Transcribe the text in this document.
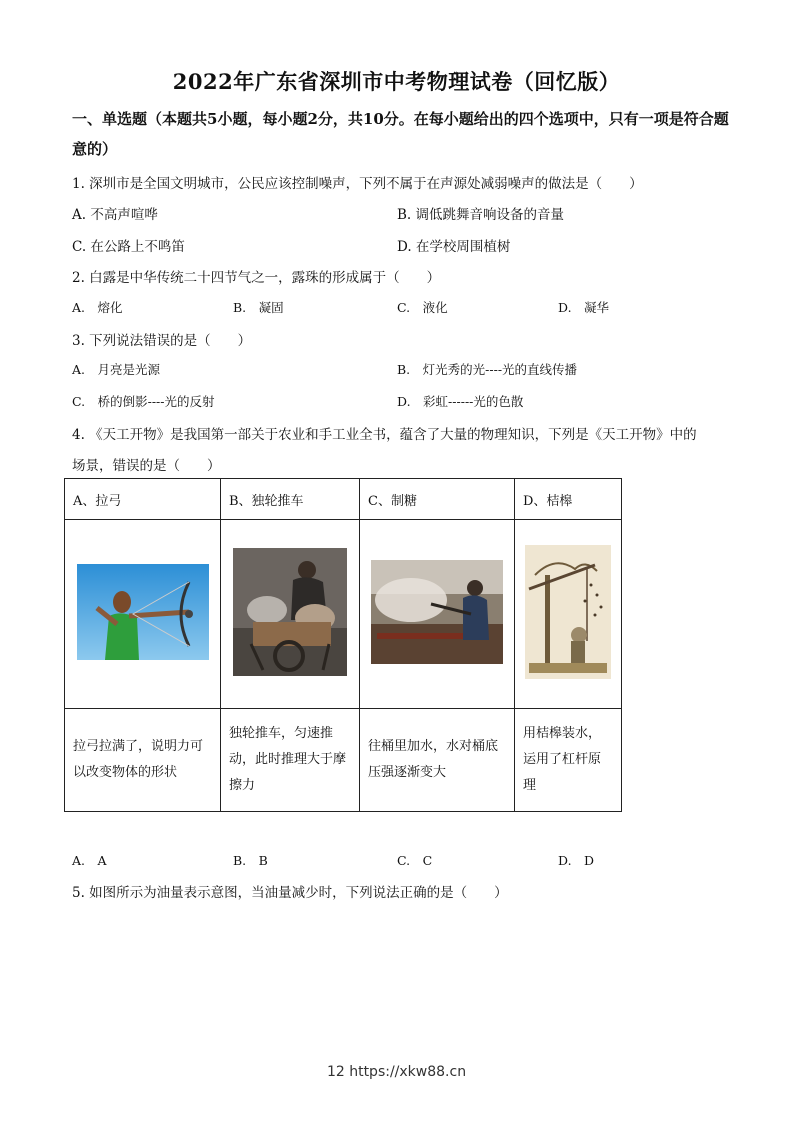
2022年广东省深圳市中考物理试卷（回忆版）
一、单选题（本题共5小题，每小题2分，共10分。在每小题给出的四个选项中，只有一项是符合题意的）
1. 深圳市是全国文明城市，公民应该控制噪声，下列不属于在声源处减弱噪声的做法是（　　）
A. 不高声喧哗	B. 调低跳舞音响设备的音量
C. 在公路上不鸣笛	D. 在学校周围植树
2. 白露是中华传统二十四节气之一，露珠的形成属于（　　）
A.　熔化	B.　凝固	C.　液化	D.　凝华
3. 下列说法错误的是（　　）
A.　月亮是光源	B.　灯光秀的光----光的直线传播
C.　桥的倒影----光的反射	D.　彩虹------光的色散
4. 《天工开物》是我国第一部关于农业和手工业全书，蕴含了大量的物理知识，下列是《天工开物》中的
场景，错误的是（　　）
A、拉弓	B、独轮推车	C、制糖	D、桔槔

拉弓拉满了，说明力可以改变物体的形状	独轮推车，匀速推动，此时推理大于摩擦力	往桶里加水，水对桶底压强逐渐变大	用桔槔装水，运用了杠杆原理
A.　A	B.　B	C.　C	D.　D
5. 如图所示为油量表示意图，当油量减少时，下列说法正确的是（　　）
12 https://xkw88.cn
